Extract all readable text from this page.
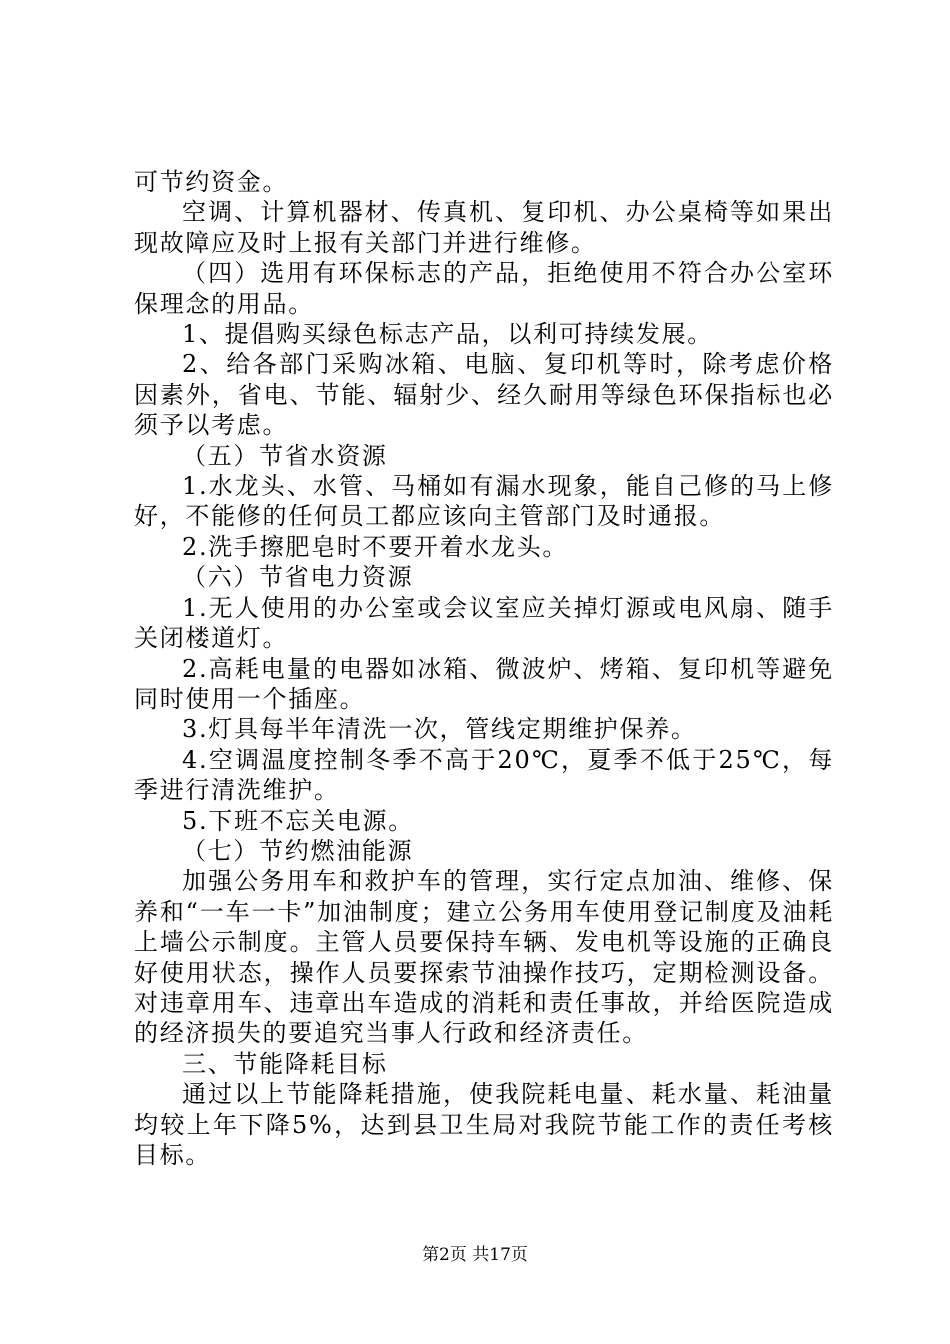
可节约资金。

空调、计算机器材、传真机、复印机、办公桌椅等如果出现故障应及时上报有关部门并进行维修。

（四）选用有环保标志的产品，拒绝使用不符合办公室环保理念的用品。

1、提倡购买绿色标志产品，以利可持续发展。

2、给各部门采购冰箱、电脑、复印机等时，除考虑价格因素外，省电、节能、辐射少、经久耐用等绿色环保指标也必须予以考虑。

（五）节省水资源

1.水龙头、水管、马桶如有漏水现象，能自己修的马上修好，不能修的任何员工都应该向主管部门及时通报。

2.洗手擦肥皂时不要开着水龙头。

（六）节省电力资源

1.无人使用的办公室或会议室应关掉灯源或电风扇、随手关闭楼道灯。

2.高耗电量的电器如冰箱、微波炉、烤箱、复印机等避免同时使用一个插座。

3.灯具每半年清洗一次，管线定期维护保养。

4.空调温度控制冬季不高于20℃，夏季不低于25℃，每季进行清洗维护。

5.下班不忘关电源。

（七）节约燃油能源

加强公务用车和救护车的管理，实行定点加油、维修、保养和“一车一卡”加油制度；建立公务用车使用登记制度及油耗上墙公示制度。主管人员要保持车辆、发电机等设施的正确良好使用状态，操作人员要探索节油操作技巧，定期检测设备。对违章用车、违章出车造成的消耗和责任事故，并给医院造成的经济损失的要追究当事人行政和经济责任。

三、节能降耗目标

通过以上节能降耗措施，使我院耗电量、耗水量、耗油量均较上年下降5%，达到县卫生局对我院节能工作的责任考核目标。

第2页 共17页
